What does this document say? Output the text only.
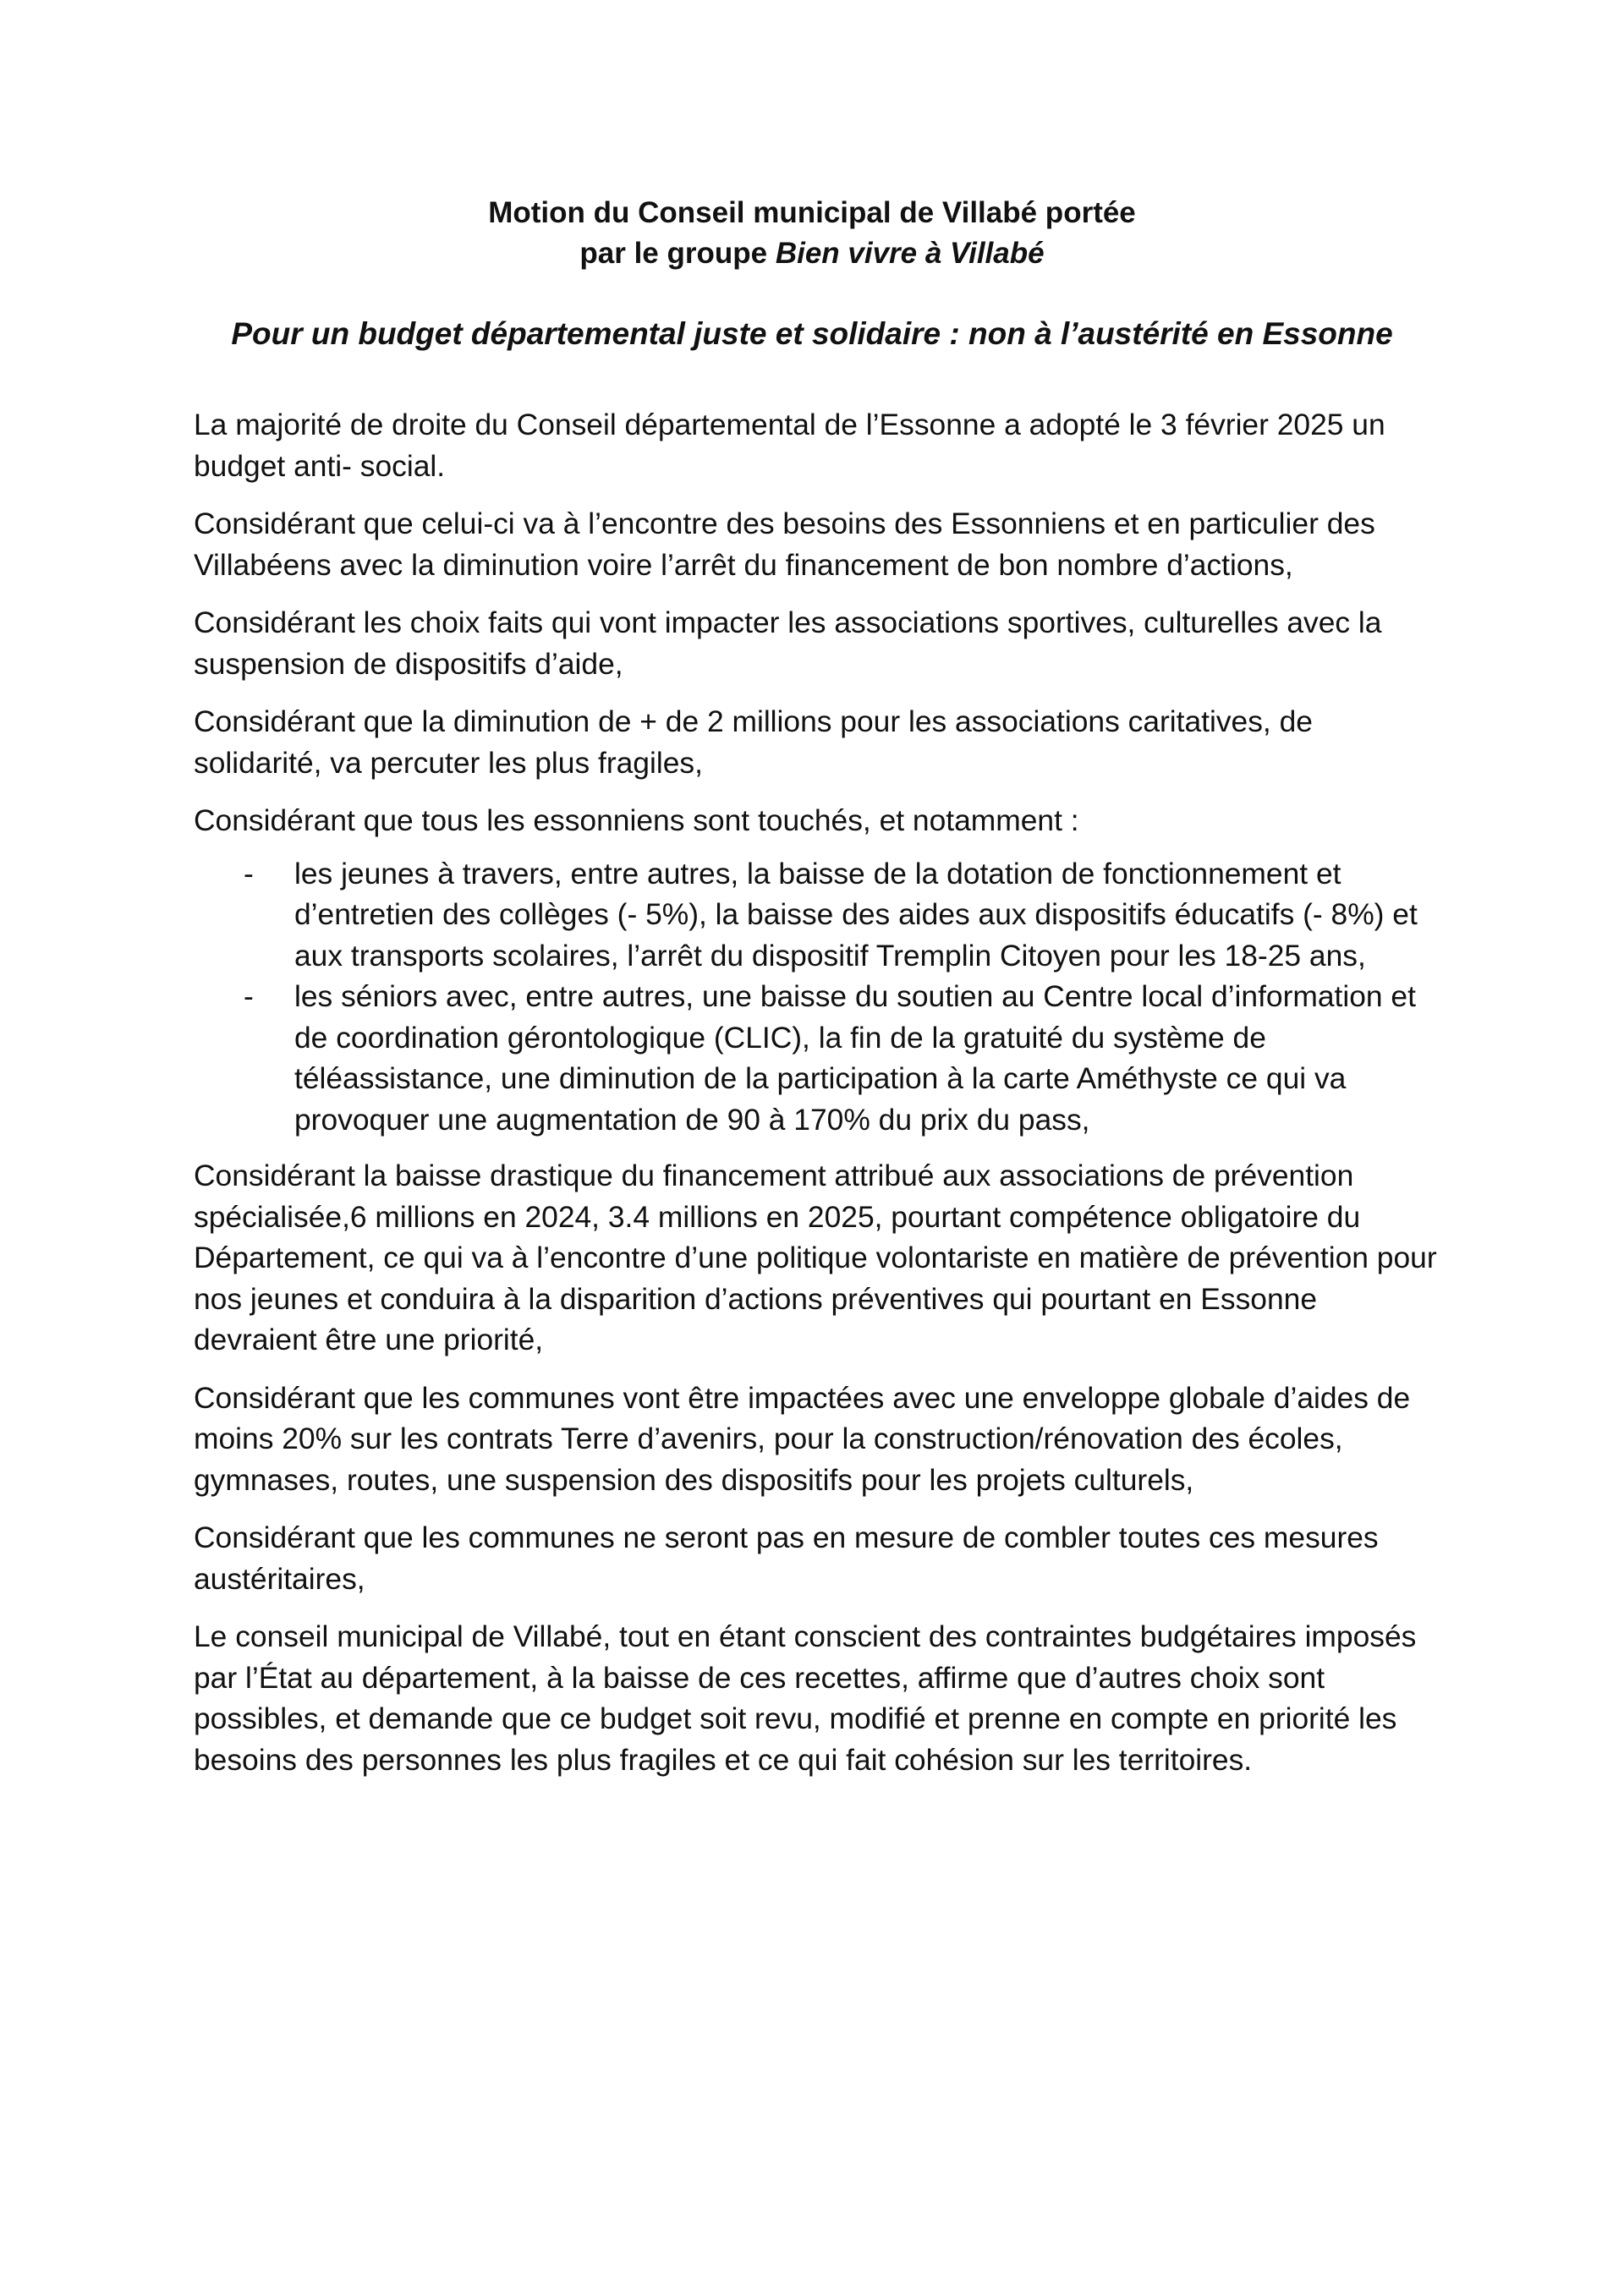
Motion du Conseil municipal de Villabé portée
par le groupe Bien vivre à Villabé
Pour un budget départemental juste et solidaire : non à l’austérité en Essonne

La majorité de droite du Conseil départemental de l’Essonne a adopté le 3 février 2025 un budget anti- social.

Considérant que celui-ci va à l’encontre des besoins des Essonniens et en particulier des Villabéens avec la diminution voire l’arrêt du financement de bon nombre d’actions,

Considérant les choix faits qui vont impacter les associations sportives, culturelles avec la suspension de dispositifs d’aide,

Considérant que la diminution de + de 2 millions pour les associations caritatives, de solidarité, va percuter les plus fragiles,

Considérant que tous les essonniens sont touchés, et notamment :

- les jeunes à travers, entre autres, la baisse de la dotation de fonctionnement et d’entretien des collèges (- 5%), la baisse des aides aux dispositifs éducatifs (- 8%) et aux transports scolaires, l’arrêt du dispositif Tremplin Citoyen pour les 18-25 ans,
- les séniors avec, entre autres, une baisse du soutien au Centre local d’information et de coordination gérontologique (CLIC), la fin de la gratuité du système de téléassistance, une diminution de la participation à la carte Améthyste ce qui va provoquer une augmentation de 90 à 170% du prix du pass,

Considérant la baisse drastique du financement attribué aux associations de prévention spécialisée,6 millions en 2024, 3.4 millions en 2025, pourtant compétence obligatoire du Département, ce qui va à l’encontre d’une politique volontariste en matière de prévention pour nos jeunes et conduira à la disparition d’actions préventives qui pourtant en Essonne devraient être une priorité,

Considérant que les communes vont être impactées avec une enveloppe globale d’aides de moins 20% sur les contrats Terre d’avenirs, pour la construction/rénovation des écoles, gymnases, routes, une suspension des dispositifs pour les projets culturels,

Considérant que les communes ne seront pas en mesure de combler toutes ces mesures austéritaires,

Le conseil municipal de Villabé, tout en étant conscient des contraintes budgétaires imposés par l’État au département, à la baisse de ces recettes, affirme que d’autres choix sont possibles, et demande que ce budget soit revu, modifié et prenne en compte en priorité les besoins des personnes les plus fragiles et ce qui fait cohésion sur les territoires.
